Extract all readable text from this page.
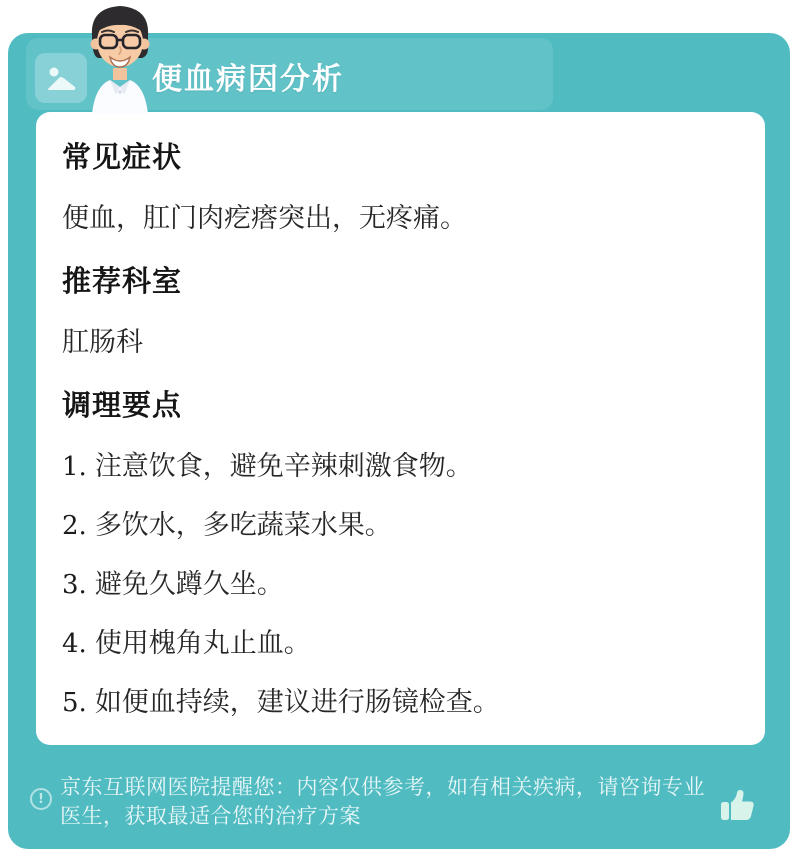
便血病因分析
常见症状

便血，肛门肉疙瘩突出，无疼痛。

推荐科室

肛肠科

调理要点
1. 注意饮食，避免辛辣刺激食物。
2. 多饮水，多吃蔬菜水果。
3. 避免久蹲久坐。
4. 使用槐角丸止血。
5. 如便血持续，建议进行肠镜检查。
! 京东互联网医院提醒您：内容仅供参考，如有相关疾病，请咨询专业医生，获取最适合您的治疗方案
